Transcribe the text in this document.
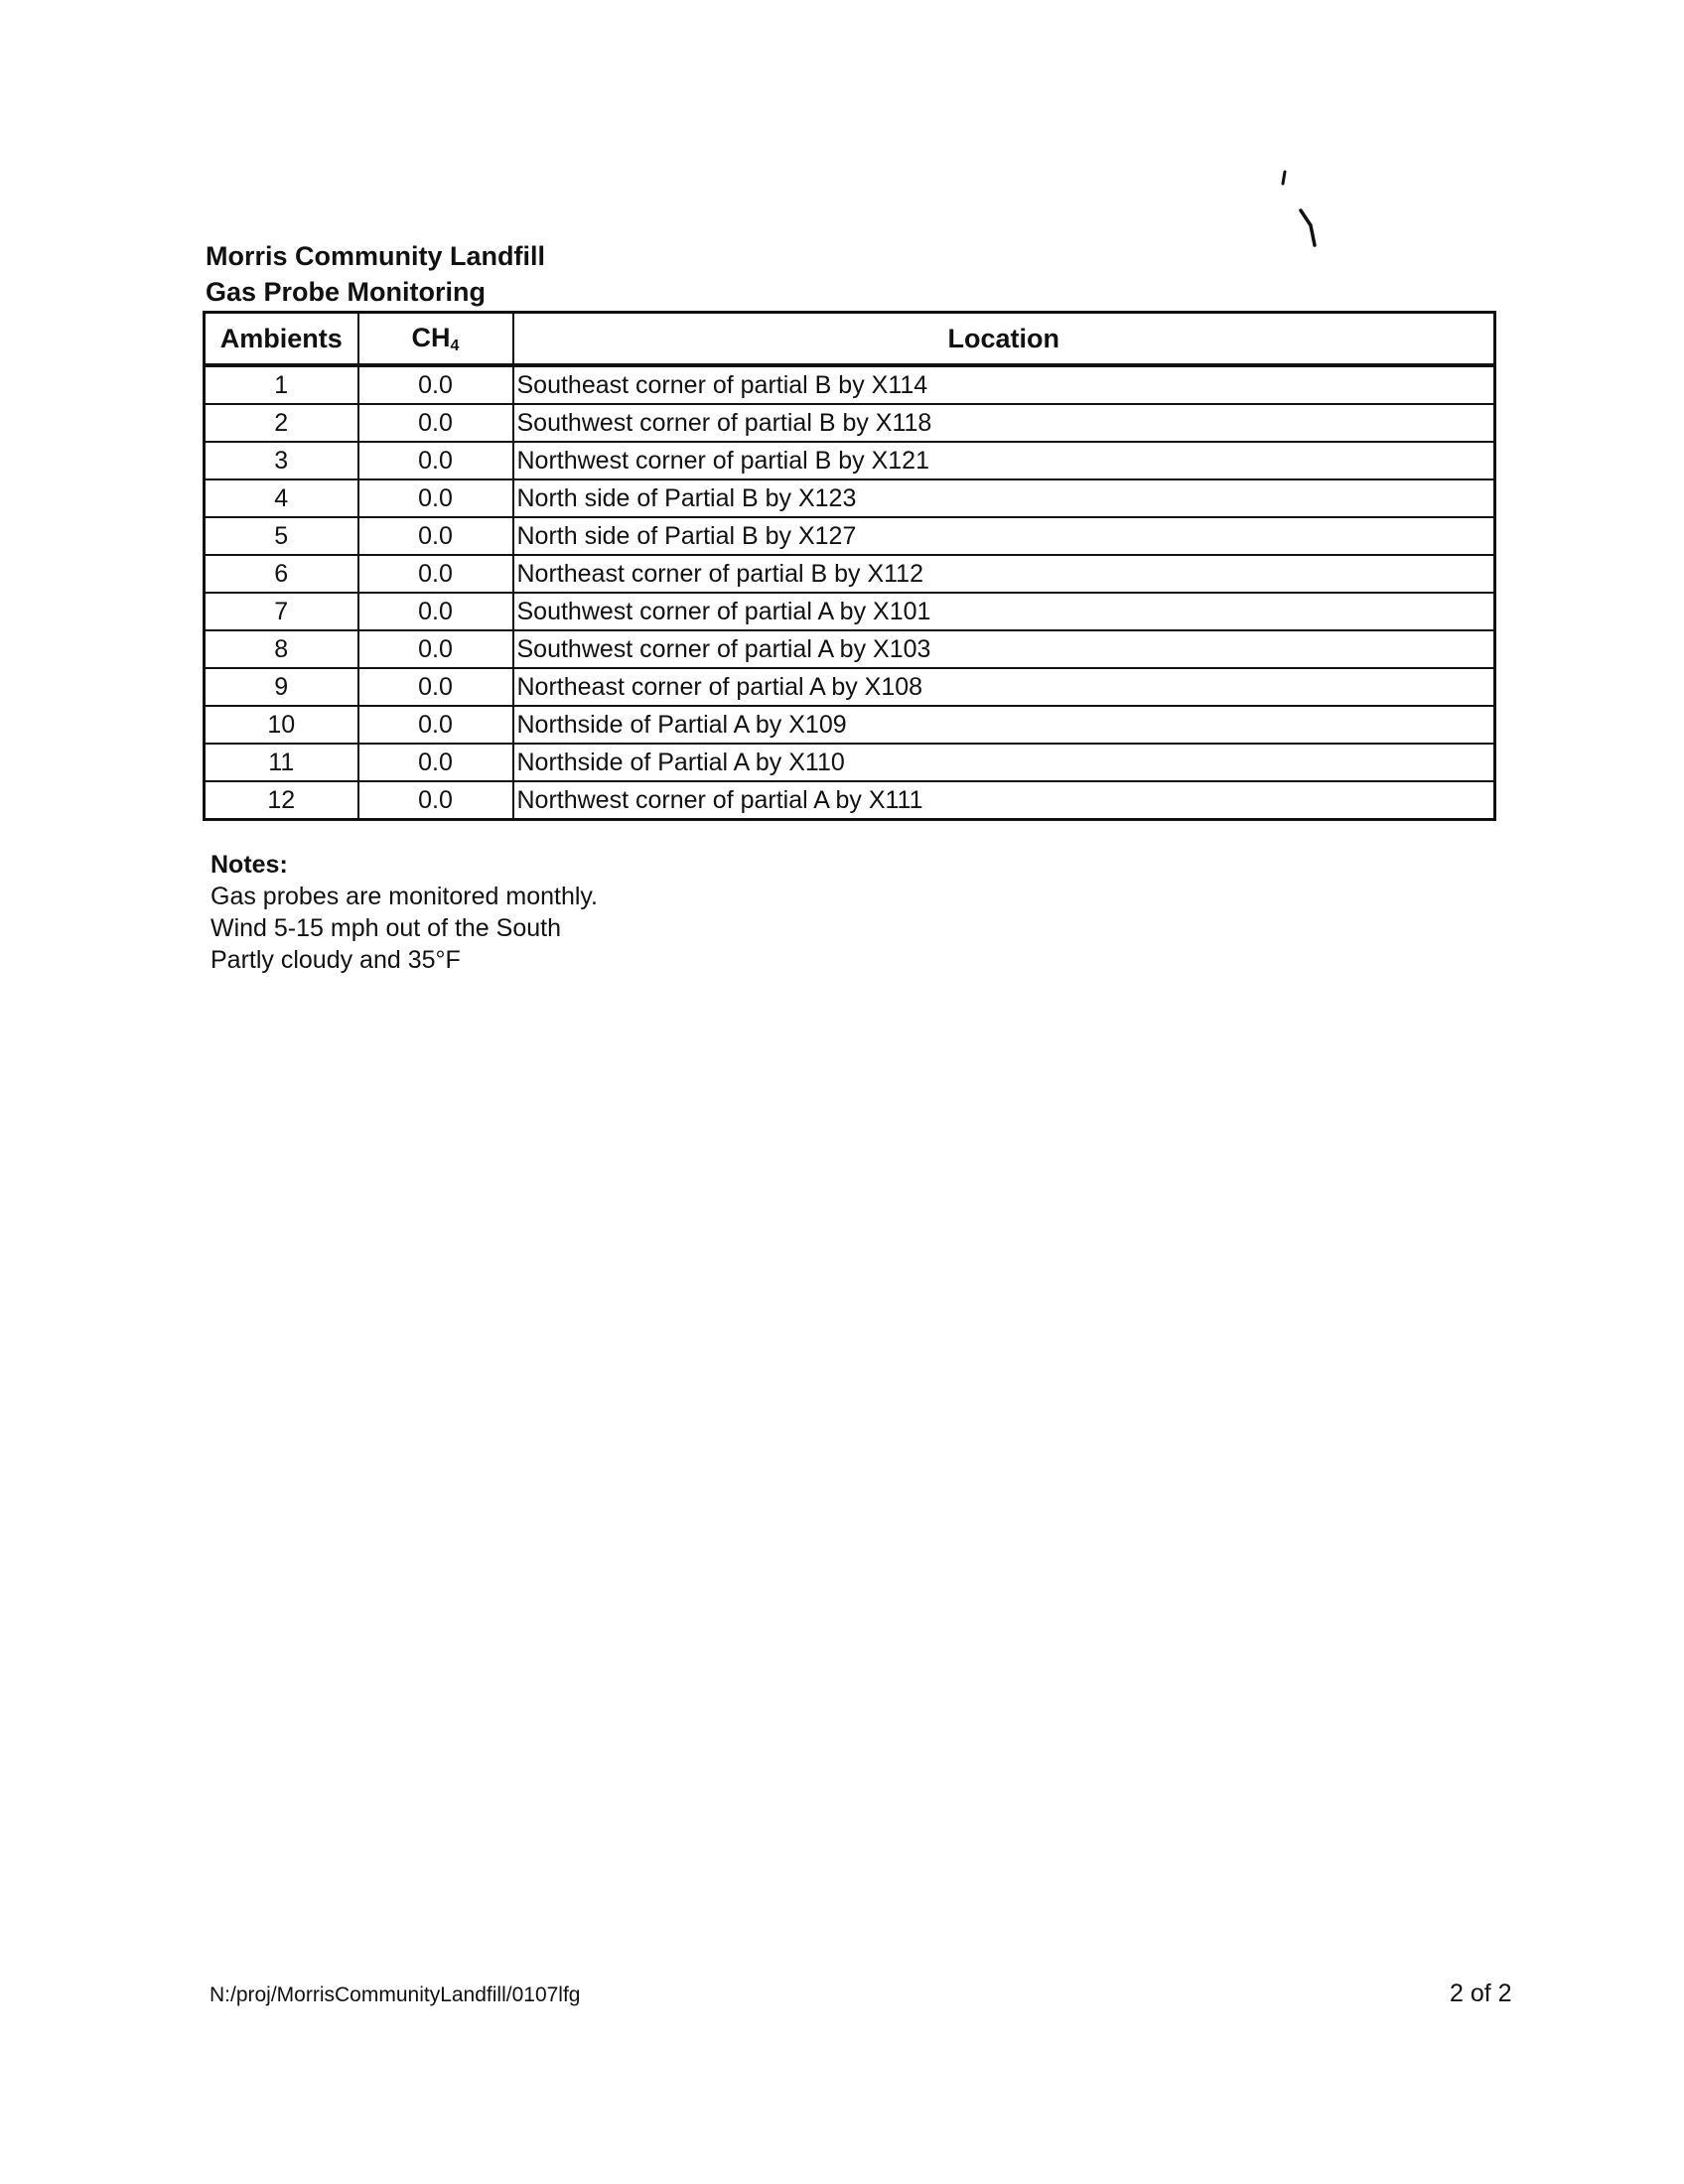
Morris Community Landfill
Gas Probe Monitoring
Ambients	$CH_4$	Location
1	0.0	Southeast corner of partial B by X114
2	0.0	Southwest corner of partial B by X118
3	0.0	Northwest corner of partial B by X121
4	0.0	North side of Partial B by X123
5	0.0	North side of Partial B by X127
6	0.0	Northeast corner of partial B by X112
7	0.0	Southwest corner of partial A by X101
8	0.0	Southwest corner of partial A by X103
9	0.0	Northeast corner of partial A by X108
10	0.0	Northside of Partial A by X109
11	0.0	Northside of Partial A by X110
12	0.0	Northwest corner of partial A by X111
Notes:
Gas probes are monitored monthly.
Wind 5-15 mph out of the South
Partly cloudy and 35°F
N:/proj/MorrisCommunityLandfill/0107lfg	2 of 2
